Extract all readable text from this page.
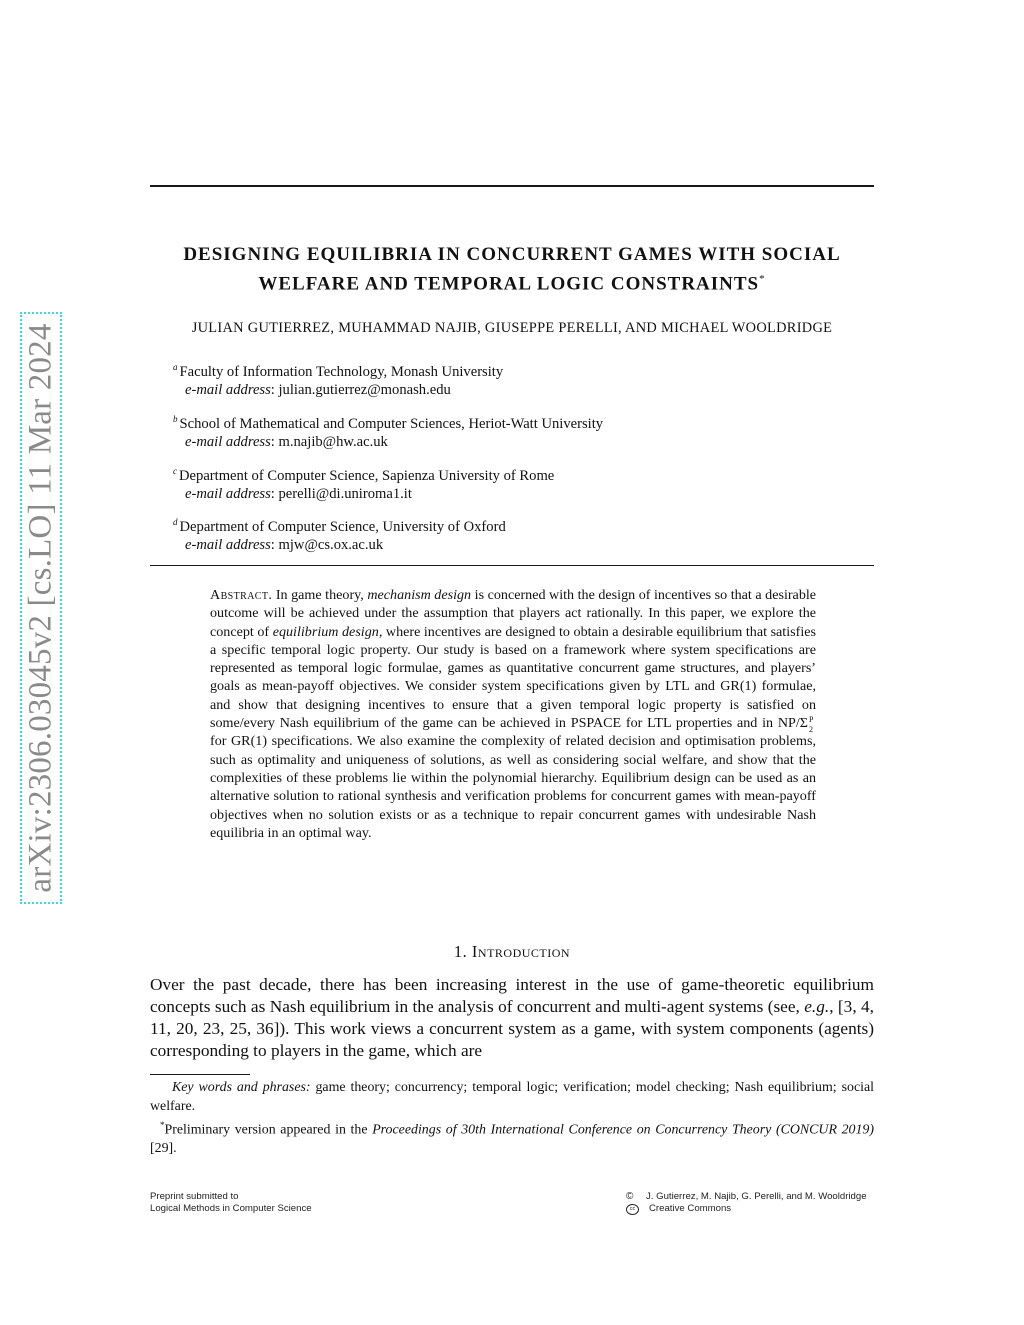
arXiv:2306.03045v2 [cs.LO] 11 Mar 2024
DESIGNING EQUILIBRIA IN CONCURRENT GAMES WITH SOCIAL
WELFARE AND TEMPORAL LOGIC CONSTRAINTS*
JULIAN GUTIERREZ, MUHAMMAD NAJIB, GIUSEPPE PERELLI, AND MICHAEL WOOLDRIDGE
$^a$ Faculty of Information Technology, Monash University
e-mail address: julian.gutierrez@monash.edu
$^b$ School of Mathematical and Computer Sciences, Heriot-Watt University
e-mail address: m.najib@hw.ac.uk
$^c$ Department of Computer Science, Sapienza University of Rome
e-mail address: perelli@di.uniroma1.it
$^d$ Department of Computer Science, University of Oxford
e-mail address: mjw@cs.ox.ac.uk
Abstract. In game theory, mechanism design is concerned with the design of incentives so that a desirable outcome will be achieved under the assumption that players act rationally. In this paper, we explore the concept of equilibrium design, where incentives are designed to obtain a desirable equilibrium that satisfies a specific temporal logic property. Our study is based on a framework where system specifications are represented as temporal logic formulae, games as quantitative concurrent game structures, and players’ goals as mean-payoff objectives. We consider system specifications given by LTL and GR(1) formulae, and show that designing incentives to ensure that a given temporal logic property is satisfied on some/every Nash equilibrium of the game can be achieved in PSPACE for LTL properties and in NP/Σ P
2
for GR(1) specifications. We also examine the complexity of related decision and optimisation problems, such as optimality and uniqueness of solutions, as well as considering social welfare, and show that the complexities of these problems lie within the polynomial hierarchy. Equilibrium design can be used as an alternative solution to rational synthesis and verification problems for concurrent games with mean-payoff objectives when no solution exists or as a technique to repair concurrent games with undesirable Nash equilibria in an optimal way.
1. Introduction
Over the past decade, there has been increasing interest in the use of game-theoretic equilibrium concepts such as Nash equilibrium in the analysis of concurrent and multi-agent systems (see, e.g., [3, 4, 11, 20, 23, 25, 36]). This work views a concurrent system as a game, with system components (agents) corresponding to players in the game, which are

Key words and phrases: game theory; concurrency; temporal logic; verification; model checking; Nash equilibrium; social welfare.

*Preliminary version appeared in the Proceedings of 30th International Conference on Concurrency Theory (CONCUR 2019) [29].

Preprint submitted to
Logical Methods in Computer Science
©	J. Gutierrez, M. Najib, G. Perelli, and M. Wooldridge
cc	Creative Commons
